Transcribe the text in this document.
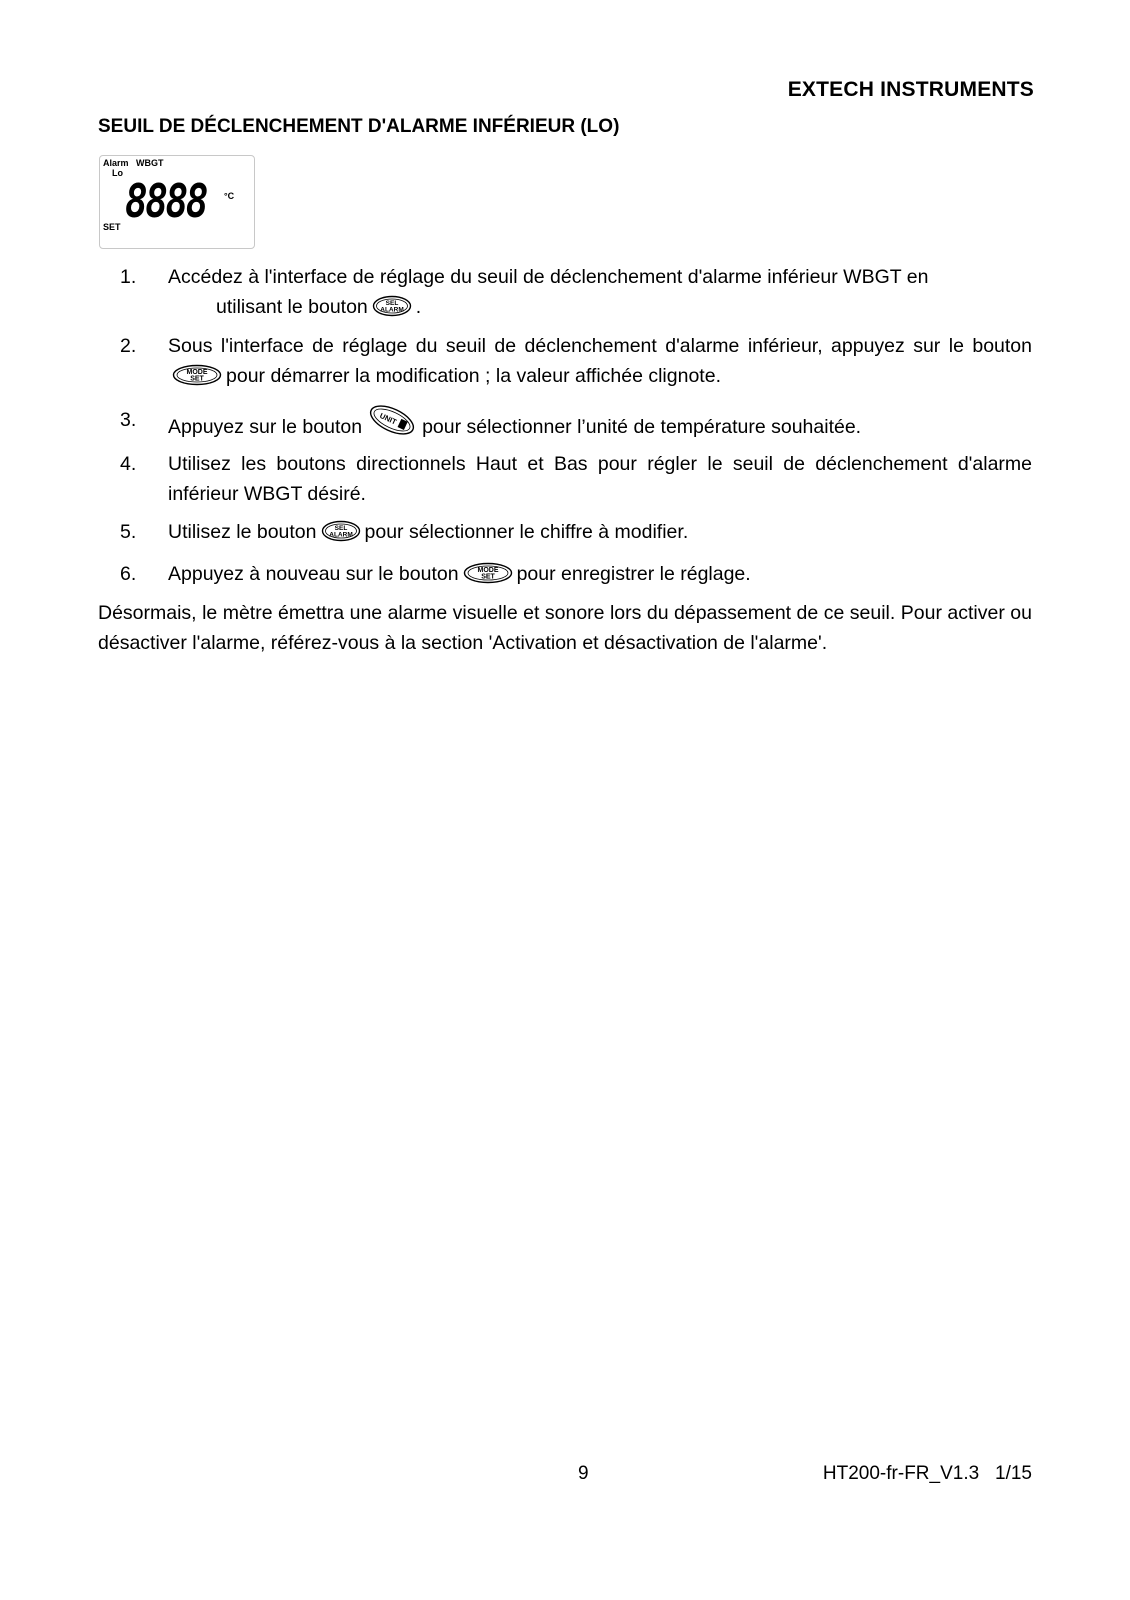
EXTECH INSTRUMENTS
SEUIL DE DÉCLENCHEMENT D'ALARME INFÉRIEUR (LO)
Alarm WBGT
Lo
8888 °C
SET
1. Accédez à l'interface de réglage du seuil de déclenchement d'alarme inférieur WBGT en
utilisant le bouton	SEL
ALARM .
2. Sous l'interface de réglage du seuil de déclenchement d'alarme inférieur, appuyez sur le bouton
MODE
SET pour démarrer la modification ; la valeur affichée clignote.
3. Appuyez sur le bouton UNIT pour sélectionner l’unité de température souhaitée.
4. Utilisez les boutons directionnels Haut et Bas pour régler le seuil de déclenchement d'alarme inférieur WBGT désiré.
5. Utilisez le bouton	SEL
ALARM pour sélectionner le chiffre à modifier.
6. Appuyez à nouveau sur le bouton	MODE
SET pour enregistrer le réglage.

Désormais, le mètre émettra une alarme visuelle et sonore lors du dépassement de ce seuil. Pour activer ou désactiver l'alarme, référez-vous à la section 'Activation et désactivation de l'alarme'.

9	HT200-fr-FR_V1.3   1/15
